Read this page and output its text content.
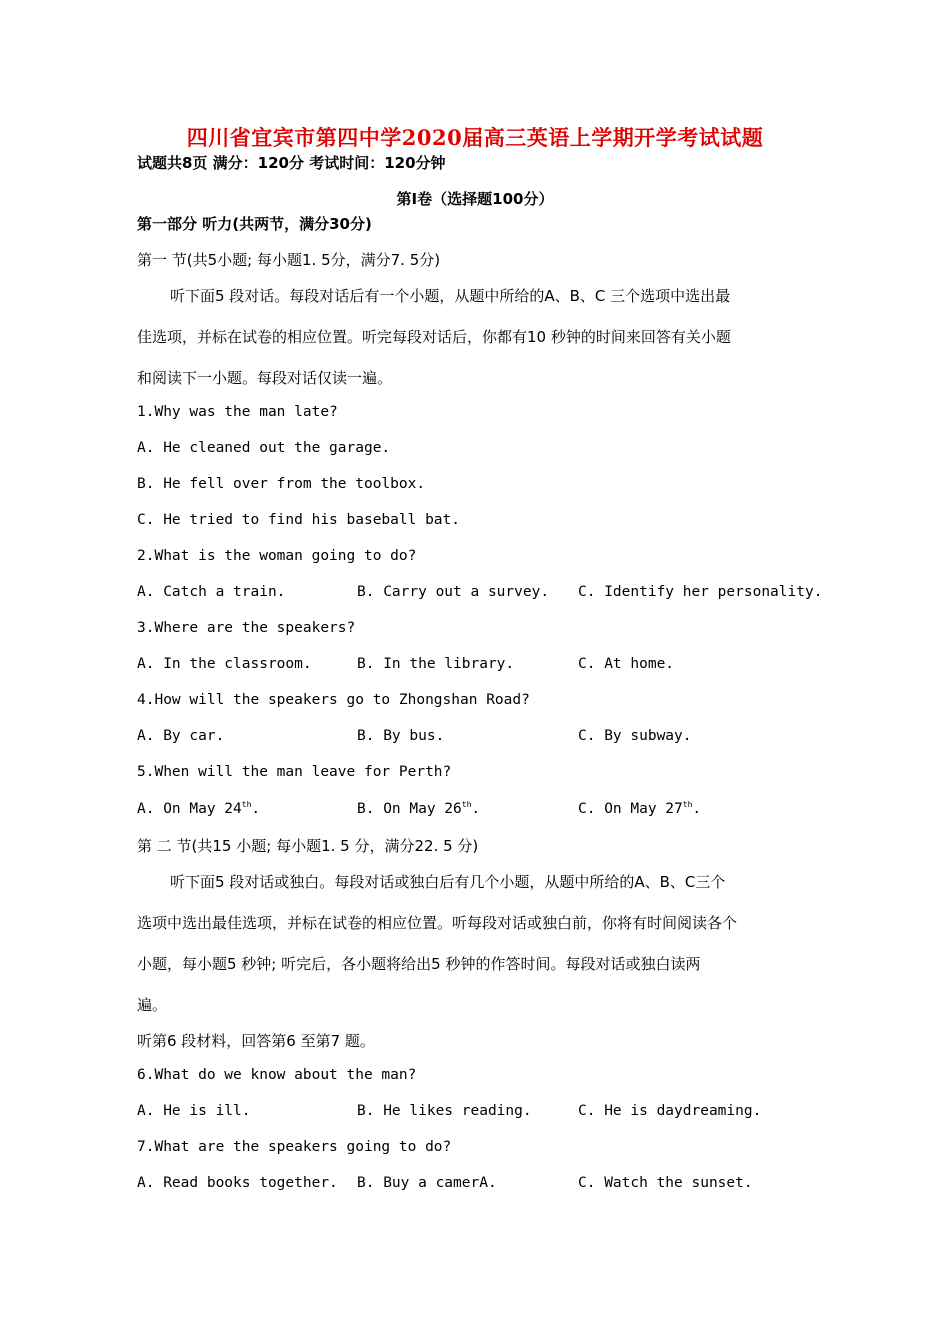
四川省宜宾市第四中学2020届高三英语上学期开学考试试题
试题共8页 满分：120分 考试时间：120分钟
第Ⅰ卷（选择题100分）
第一部分 听力(共两节，满分30分)
第一 节(共5小题; 每小题1. 5分，满分7. 5分)
听下面5 段对话。每段对话后有一个小题，从题中所给的A、B、C 三个选项中选出最
佳选项，并标在试卷的相应位置。听完每段对话后，你都有10 秒钟的时间来回答有关小题
和阅读下一小题。每段对话仅读一遍。
1.Why was the man late?
A. He cleaned out the garage.
B. He fell over from the toolbox.
C. He tried to find his baseball bat.
2.What is the woman going to do?
A. Catch a train.	B. Carry out a survey. C. Identify her personality.
3.Where are the speakers?
A. In the classroom.	B. In the library.	C. At home.
4.How will the speakers go to Zhongshan Road?
A. By car.	B. By bus.	C. By subway.
5.When will the man leave for Perth?
A. On May 24th.	B. On May 26th.	C. On May 27th.
第 二 节(共15 小题; 每小题1. 5 分，满分22. 5 分)
听下面5 段对话或独白。每段对话或独白后有几个小题，从题中所给的A、B、C三个
选项中选出最佳选项，并标在试卷的相应位置。听每段对话或独白前，你将有时间阅读各个
小题，每小题5 秒钟; 听完后，各小题将给出5 秒钟的作答时间。每段对话或独白读两
遍。
听第6 段材料，回答第6 至第7 题。
6.What do we know about the man?
A. He is ill.	B. He likes reading.	C. He is daydreaming.
7.What are the speakers going to do?
A. Read books together. B. Buy a camerA.	C. Watch the sunset.
